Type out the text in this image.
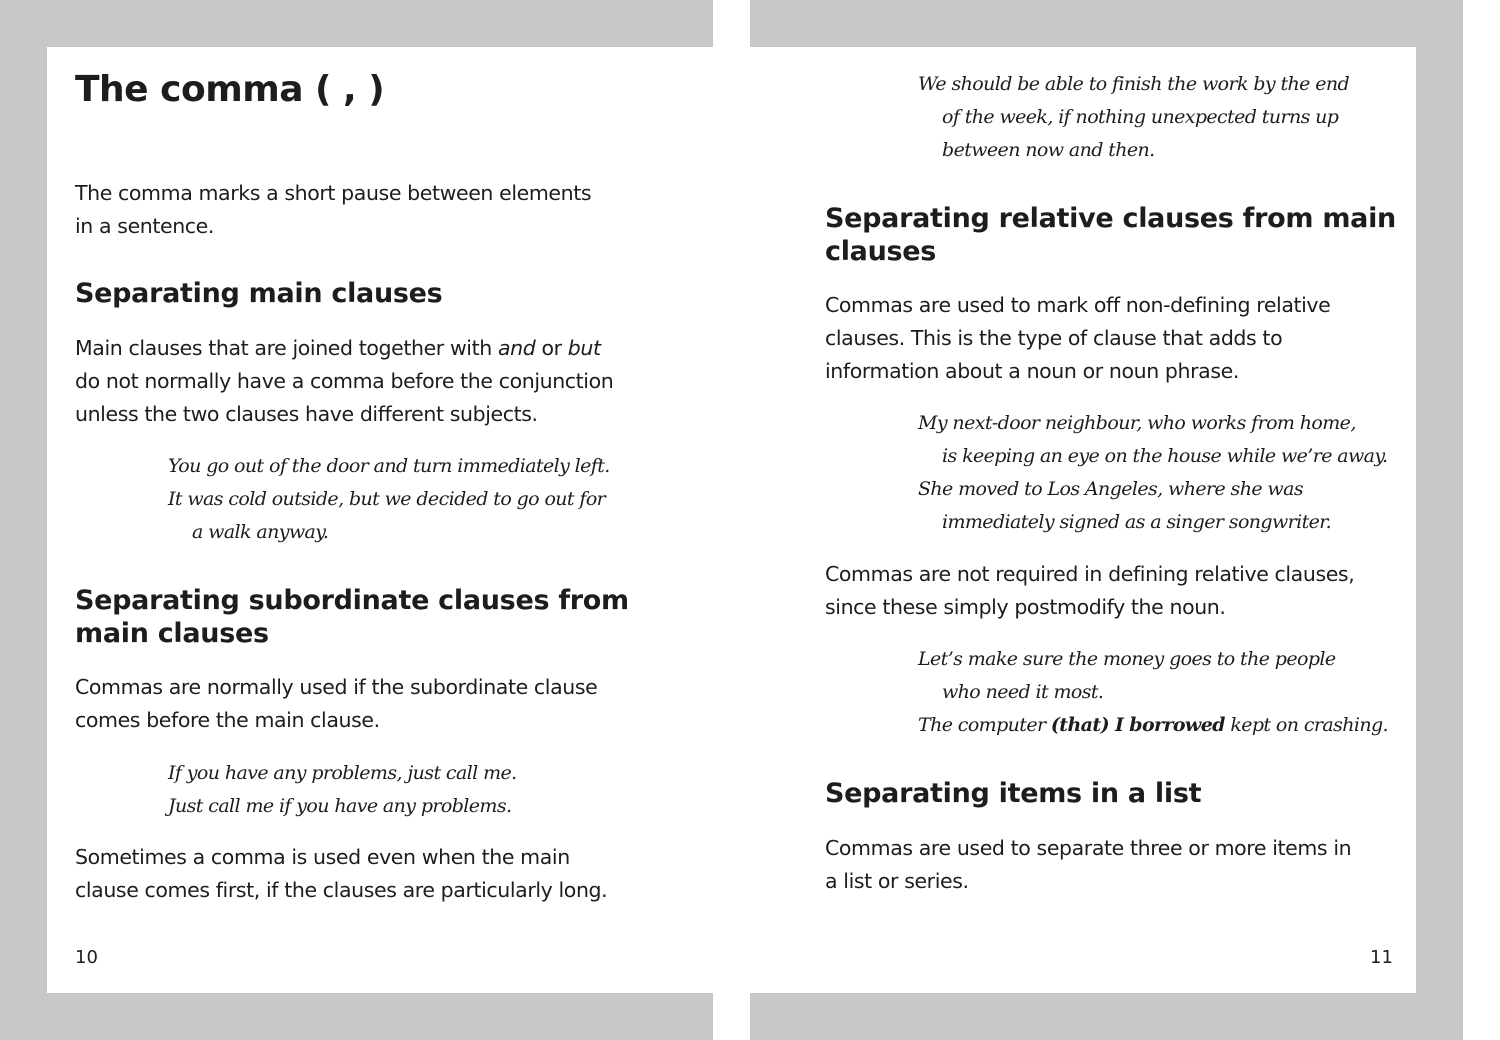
The comma ( , )
The comma marks a short pause between elements
in a sentence.
Separating main clauses
Main clauses that are joined together with and or but
do not normally have a comma before the conjunction
unless the two clauses have different subjects.
You go out of the door and turn immediately left.
It was cold outside, but we decided to go out for
a walk anyway.
Separating subordinate clauses from
main clauses
Commas are normally used if the subordinate clause
comes before the main clause.
If you have any problems, just call me.
Just call me if you have any problems.
Sometimes a comma is used even when the main
clause comes first, if the clauses are particularly long.
10
We should be able to finish the work by the end
of the week, if nothing unexpected turns up
between now and then.
Separating relative clauses from main
clauses
Commas are used to mark off non-defining relative
clauses. This is the type of clause that adds to
information about a noun or noun phrase.
My next-door neighbour, who works from home,
is keeping an eye on the house while we’re away.
She moved to Los Angeles, where she was
immediately signed as a singer songwriter.
Commas are not required in defining relative clauses,
since these simply postmodify the noun.
Let’s make sure the money goes to the people
who need it most.
The computer (that) I borrowed kept on crashing.
Separating items in a list
Commas are used to separate three or more items in
a list or series.
11
